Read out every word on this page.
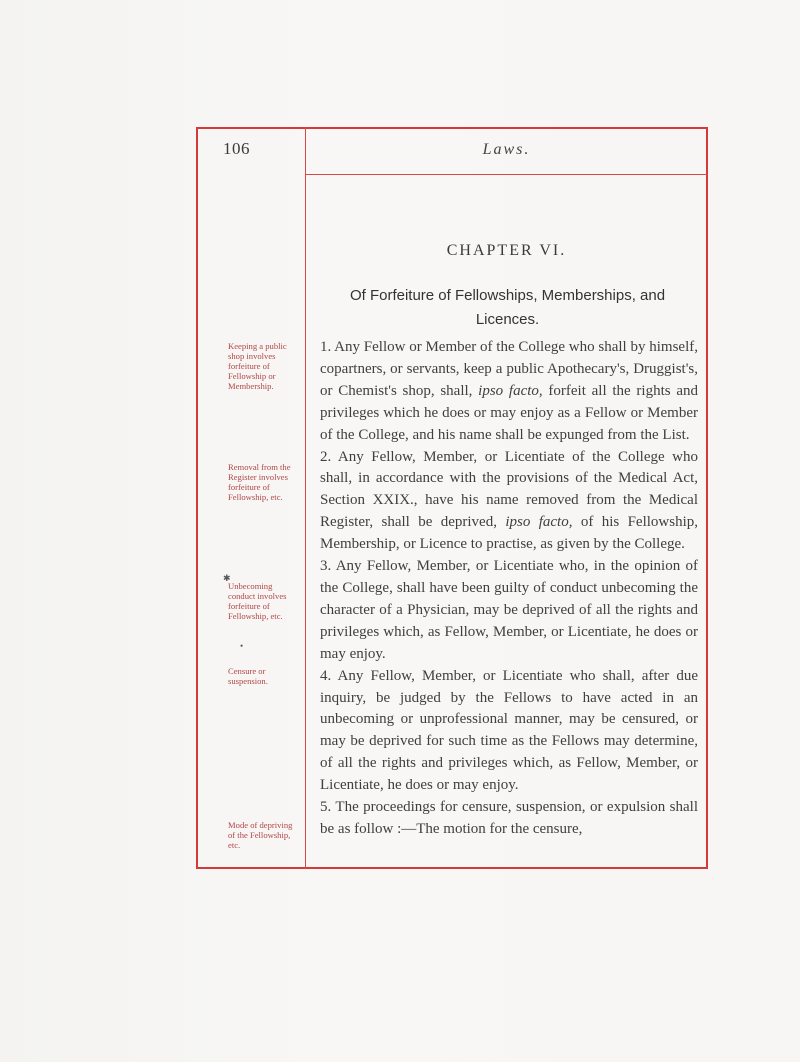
106	Laws.
CHAPTER VI.
Of Forfeiture of Fellowships, Memberships, and
Licences.
Keeping a public shop involves forfeiture of Fellowship or Membership.
Removal from the Register involves forfeiture of Fellowship, etc.
✱
Unbecoming conduct involves forfeiture of Fellowship, etc.
•
Censure or suspension.
Mode of depriving of the Fellowship, etc.

1. Any Fellow or Member of the College who shall by himself, copartners, or servants, keep a public Apothecary's, Druggist's, or Chemist's shop, shall, ipso facto, forfeit all the rights and privileges which he does or may enjoy as a Fellow or Member of the College, and his name shall be expunged from the List.

2. Any Fellow, Member, or Licentiate of the College who shall, in accordance with the provisions of the Medical Act, Section XXIX., have his name removed from the Medical Register, shall be deprived, ipso facto, of his Fellowship, Membership, or Licence to practise, as given by the College.

3. Any Fellow, Member, or Licentiate who, in the opinion of the College, shall have been guilty of conduct unbecoming the character of a Physician, may be deprived of all the rights and privileges which, as Fellow, Member, or Licentiate, he does or may enjoy.

4. Any Fellow, Member, or Licentiate who shall, after due inquiry, be judged by the Fellows to have acted in an unbecoming or unprofessional manner, may be censured, or may be deprived for such time as the Fellows may determine, of all the rights and privileges which, as Fellow, Member, or Licentiate, he does or may enjoy.

5. The proceedings for censure, suspension, or expulsion shall be as follow :—The motion for the censure,
